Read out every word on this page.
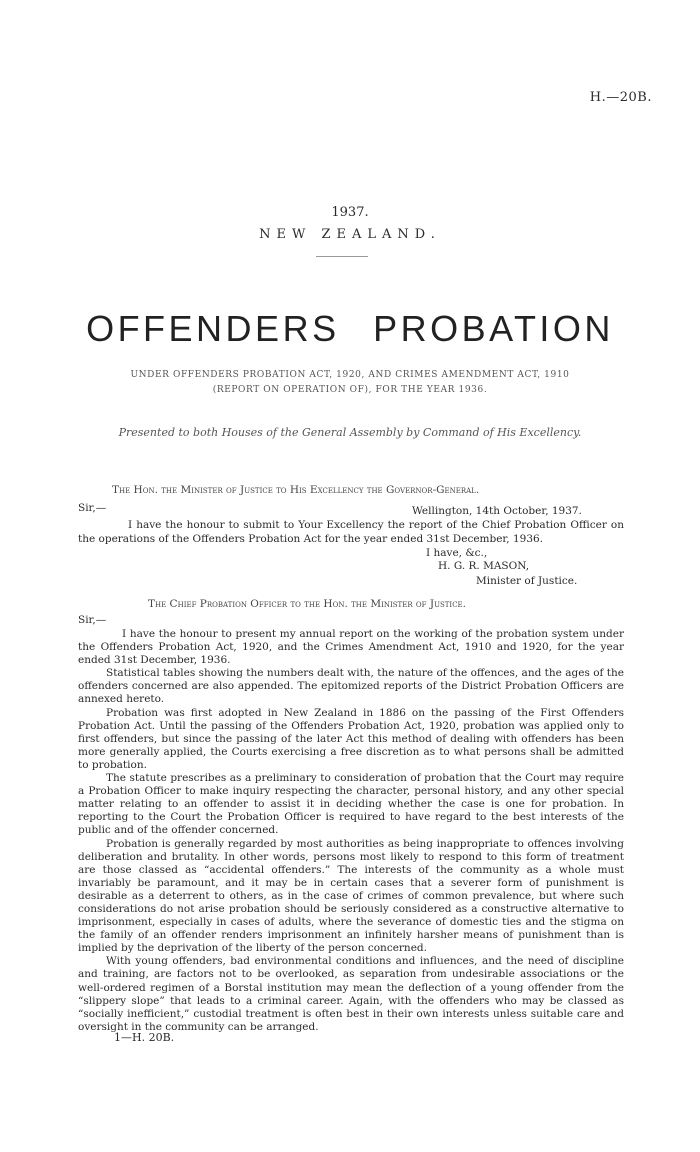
H.—20B.
1937.
NEW ZEALAND.
OFFENDERS PROBATION
UNDER OFFENDERS PROBATION ACT, 1920, AND CRIMES AMENDMENT ACT, 1910 (REPORT ON OPERATION OF), FOR THE YEAR 1936.
Presented to both Houses of the General Assembly by Command of His Excellency.
The Hon. the Minister of Justice to His Excellency the Governor-General.
Sir,—	Wellington, 14th October, 1937.
I have the honour to submit to Your Excellency the report of the Chief Probation Officer on the operations of the Offenders Probation Act for the year ended 31st December, 1936.
I have, &c.,
H. G. R. MASON,
Minister of Justice.
The Chief Probation Officer to the Hon. the Minister of Justice.
Sir,—

I have the honour to present my annual report on the working of the probation system under the Offenders Probation Act, 1920, and the Crimes Amendment Act, 1910 and 1920, for the year ended 31st December, 1936.

Statistical tables showing the numbers dealt with, the nature of the offences, and the ages of the offenders concerned are also appended. The epitomized reports of the District Probation Officers are annexed hereto.

Probation was first adopted in New Zealand in 1886 on the passing of the First Offenders Probation Act. Until the passing of the Offenders Probation Act, 1920, probation was applied only to first offenders, but since the passing of the later Act this method of dealing with offenders has been more generally applied, the Courts exercising a free discretion as to what persons shall be admitted to probation.

The statute prescribes as a preliminary to consideration of probation that the Court may require a Probation Officer to make inquiry respecting the character, personal history, and any other special matter relating to an offender to assist it in deciding whether the case is one for probation. In reporting to the Court the Probation Officer is required to have regard to the best interests of the public and of the offender concerned.

Probation is generally regarded by most authorities as being inappropriate to offences involving deliberation and brutality. In other words, persons most likely to respond to this form of treatment are those classed as “accidental offenders.” The interests of the community as a whole must invariably be paramount, and it may be in certain cases that a severer form of punishment is desirable as a deterrent to others, as in the case of crimes of common prevalence, but where such considerations do not arise probation should be seriously considered as a constructive alternative to imprisonment, especially in cases of adults, where the severance of domestic ties and the stigma on the family of an offender renders imprisonment an infinitely harsher means of punishment than is implied by the deprivation of the liberty of the person concerned.

With young offenders, bad environmental conditions and influences, and the need of discipline and training, are factors not to be overlooked, as separation from undesirable associations or the well-ordered regimen of a Borstal institution may mean the deflection of a young offender from the “slippery slope” that leads to a criminal career. Again, with the offenders who may be classed as “socially inefficient,” custodial treatment is often best in their own interests unless suitable care and oversight in the community can be arranged.

1—H. 20B.
